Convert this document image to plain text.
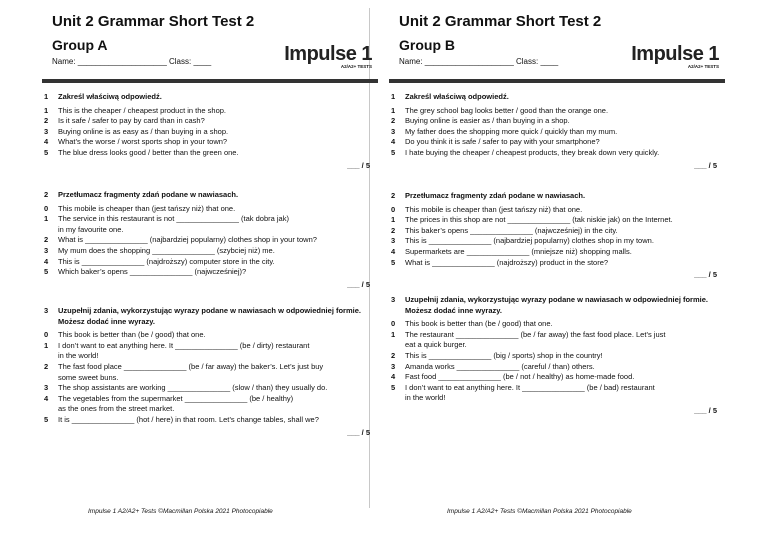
Unit 2 Grammar Short Test 2
Group A
Name: ____________________ Class: ____	Impulse 1
A2/A2+ TESTS
1	Zakreśl właściwą odpowiedź.
1	This is the cheaper / cheapest product in the shop.
2	Is it safe / safer to pay by card than in cash?
3	Buying online is as easy as / than buying in a shop.
4	What’s the worse / worst sports shop in your town?
5	The blue dress looks good / better than the green one.
___ / 5
2	Przetłumacz fragmenty zdań podane w nawiasach.
0	This mobile is cheaper than (jest tańszy niż) that one.
1	The service in this restaurant is not _______________ (tak dobra jak)
in my favourite one.
2	What is _______________ (najbardziej popularny) clothes shop in your town?
3	My mum does the shopping _______________ (szybciej niż) me.
4	This is _______________ (najdroższy) computer store in the city.
5	Which baker’s opens _______________ (najwcześniej)?
___ / 5
3	Uzupełnij zdania, wykorzystując wyrazy podane w nawiasach w odpowiedniej formie. Możesz dodać inne wyrazy.
0	This book is better than (be / good) that one.
1	I don’t want to eat anything here. It _______________ (be / dirty) restaurant
in the world!
2	The fast food place _______________ (be / far away) the baker’s. Let’s just buy
some sweet buns.
3	The shop assistants are working _______________ (slow / than) they usually do.
4	The vegetables from the supermarket _______________ (be / healthy)
as the ones from the street market.
5	It is _______________ (hot / here) in that room. Let’s change tables, shall we?
___ / 5
Impulse 1 A2/A2+ Tests ©Macmillan Polska 2021 Photocopiable
Unit 2 Grammar Short Test 2
Group B
Name: ____________________ Class: ____	Impulse 1
A2/A2+ TESTS
1	Zakreśl właściwą odpowiedź.
1	The grey school bag looks better / good than the orange one.
2	Buying online is easier as / than buying in a shop.
3	My father does the shopping more quick / quickly than my mum.
4	Do you think it is safe / safer to pay with your smartphone?
5	I hate buying the cheaper / cheapest products, they break down very quickly.
___ / 5
2	Przetłumacz fragmenty zdań podane w nawiasach.
0	This mobile is cheaper than (jest tańszy niż) that one.
1	The prices in this shop are not _______________ (tak niskie jak) on the Internet.
2	This baker’s opens _______________ (najwcześniej) in the city.
3	This is _______________ (najbardziej popularny) clothes shop in my town.
4	Supermarkets are _______________ (mniejsze niż) shopping malls.
5	What is _______________ (najdroższy) product in the store?
___ / 5
3	Uzupełnij zdania, wykorzystując wyrazy podane w nawiasach w odpowiedniej formie. Możesz dodać inne wyrazy.
0	This book is better than (be / good) that one.
1	The restaurant _______________ (be / far away) the fast food place. Let’s just
eat a quick burger.
2	This is _______________ (big / sports) shop in the country!
3	Amanda works _______________ (careful / than) others.
4	Fast food _______________ (be / not / healthy) as home-made food.
5	I don’t want to eat anything here. It _______________ (be / bad) restaurant
in the world!
___ / 5
Impulse 1 A2/A2+ Tests ©Macmillan Polska 2021 Photocopiable
